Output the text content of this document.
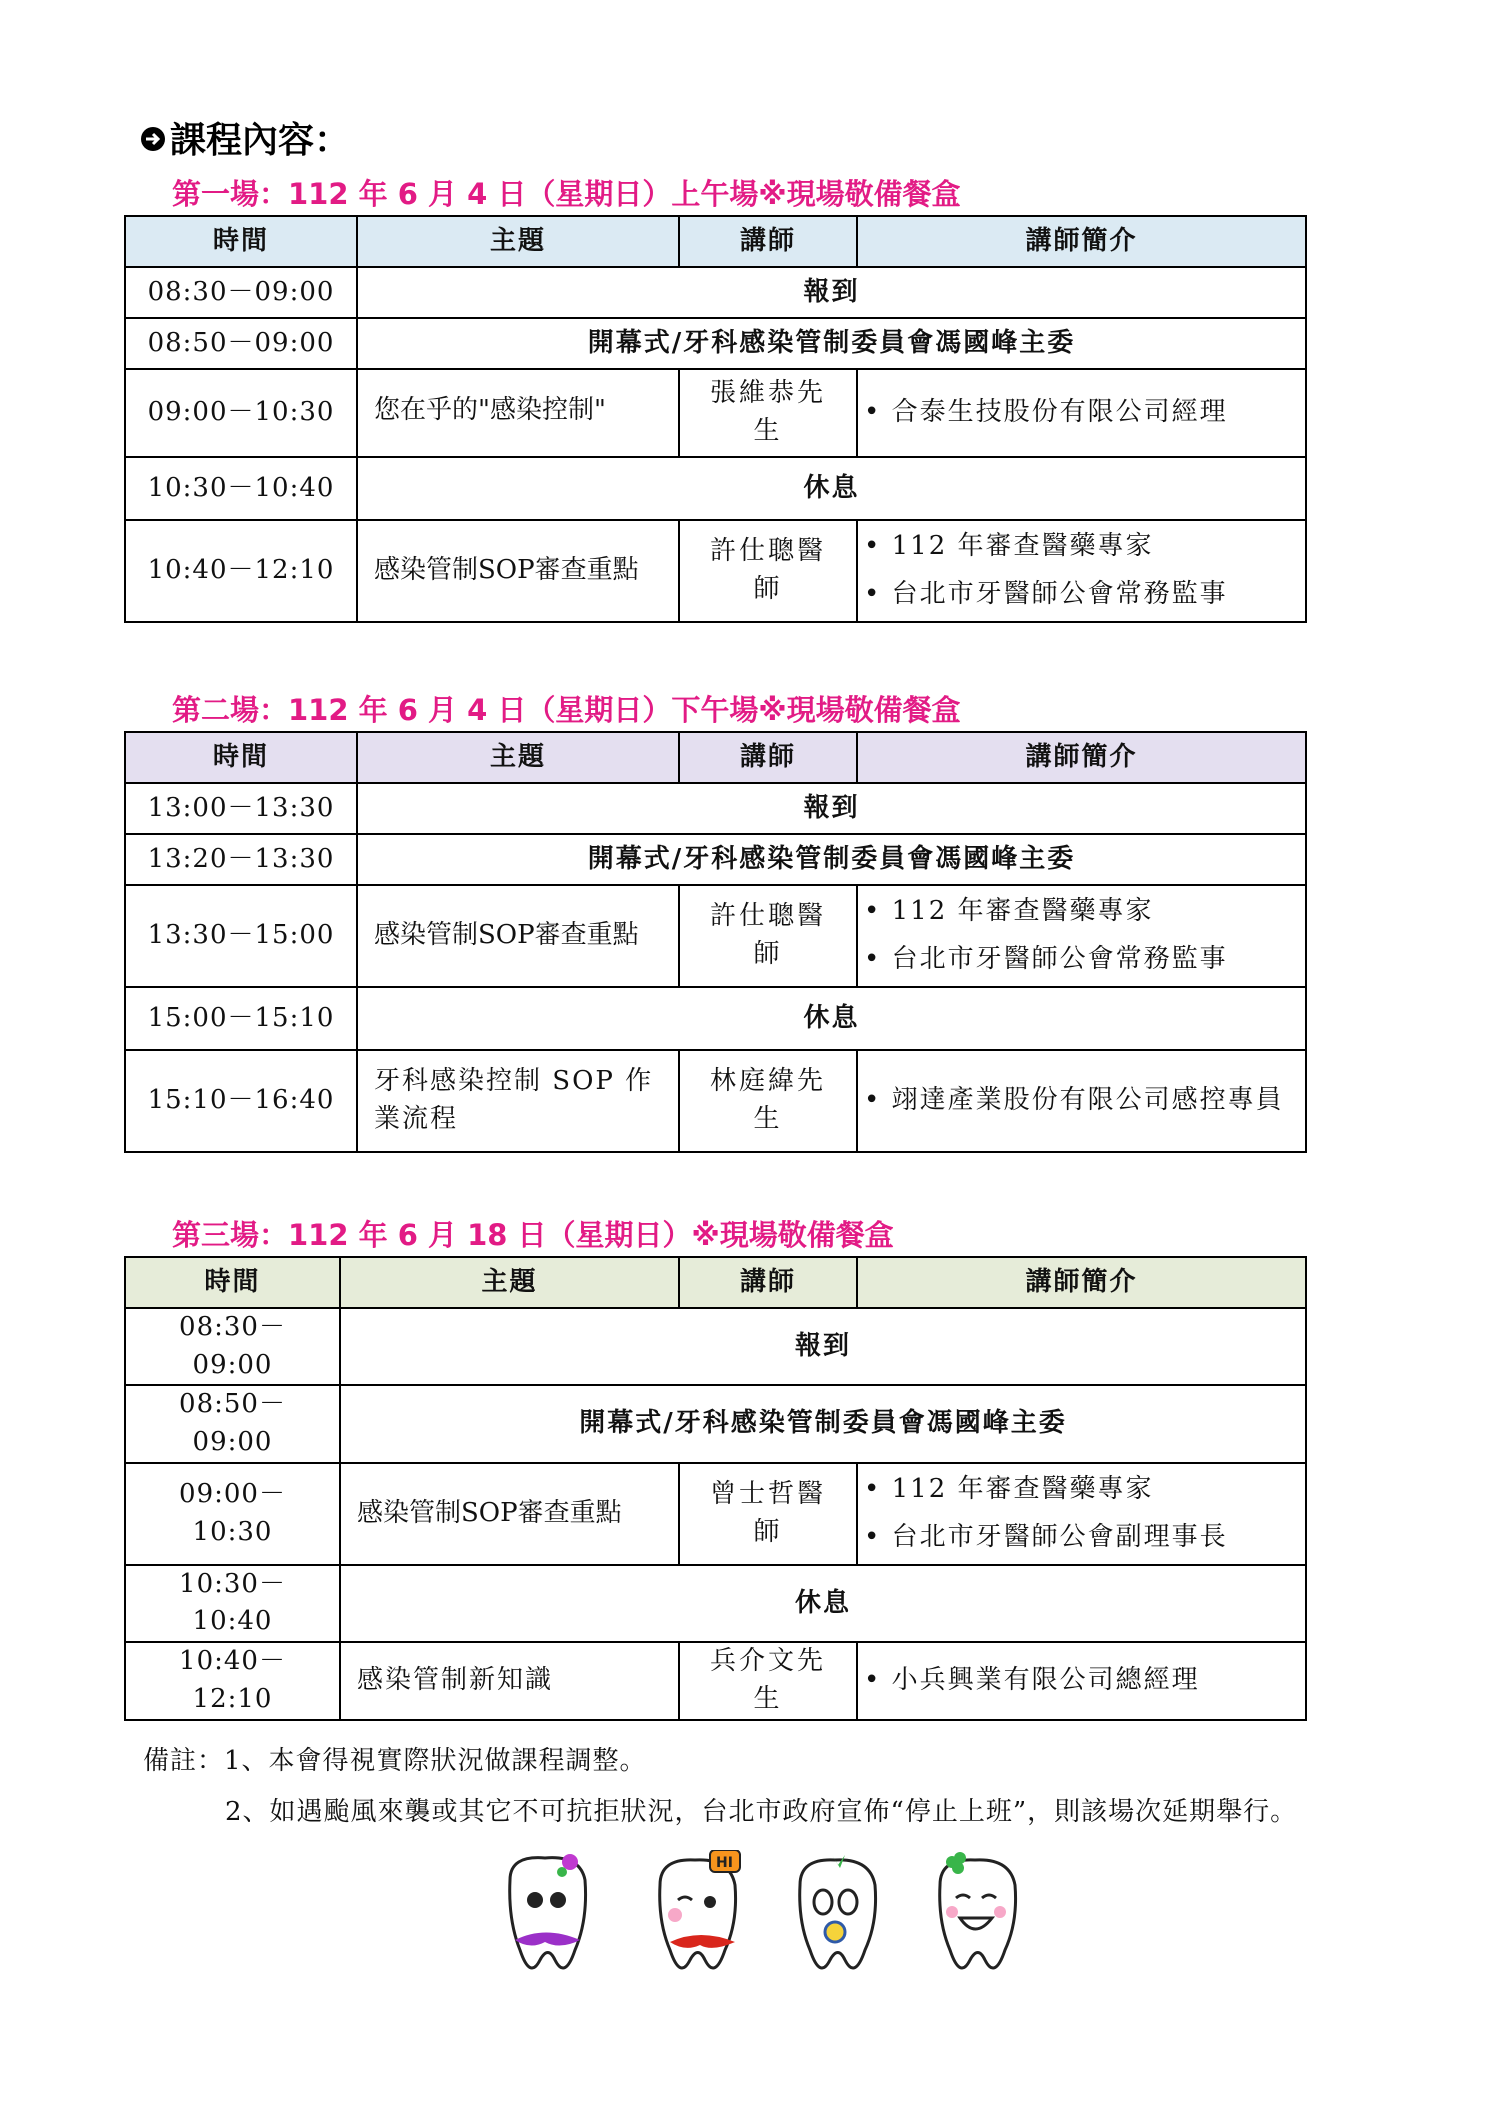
課程內容：
第一場：112 年 6 月 4 日（星期日）上午場※現場敬備餐盒
時間	主題	講師	講師簡介
08:30－09:00	報到		
08:50－09:00	開幕式/牙科感染管制委員會馮國峰主委		
09:00－10:30	您在乎的"感染控制"	張維恭先生	• 合泰生技股份有限公司經理

10:30－10:40	休息		
10:40－12:10	感染管制SOP審查重點	許仕聰醫師	• 112 年審查醫藥專家
• 台北市牙醫師公會常務監事
第二場：112 年 6 月 4 日（星期日）下午場※現場敬備餐盒
時間	主題	講師	講師簡介
13:00－13:30	報到		
13:20－13:30	開幕式/牙科感染管制委員會馮國峰主委		
13:30－15:00	感染管制SOP審查重點	許仕聰醫師	• 112 年審查醫藥專家
• 台北市牙醫師公會常務監事

15:00－15:10	休息		
15:10－16:40	牙科感染控制 SOP 作業流程	林庭緯先生	• 翊達產業股份有限公司感控專員
第三場：112 年 6 月 18 日（星期日）※現場敬備餐盒
時間	主題	講師	講師簡介
08:30－09:00	報到		
08:50－09:00	開幕式/牙科感染管制委員會馮國峰主委		
09:00－10:30	感染管制SOP審查重點	曾士哲醫師	• 112 年審查醫藥專家
• 台北市牙醫師公會副理事長

10:30－10:40	休息		
10:40－12:10	感染管制新知識	兵介文先生	• 小兵興業有限公司總經理
備註：1、本會得視實際狀況做課程調整。
2、如遇颱風來襲或其它不可抗拒狀況，台北市政府宣佈“停止上班”，則該場次延期舉行。
HI
